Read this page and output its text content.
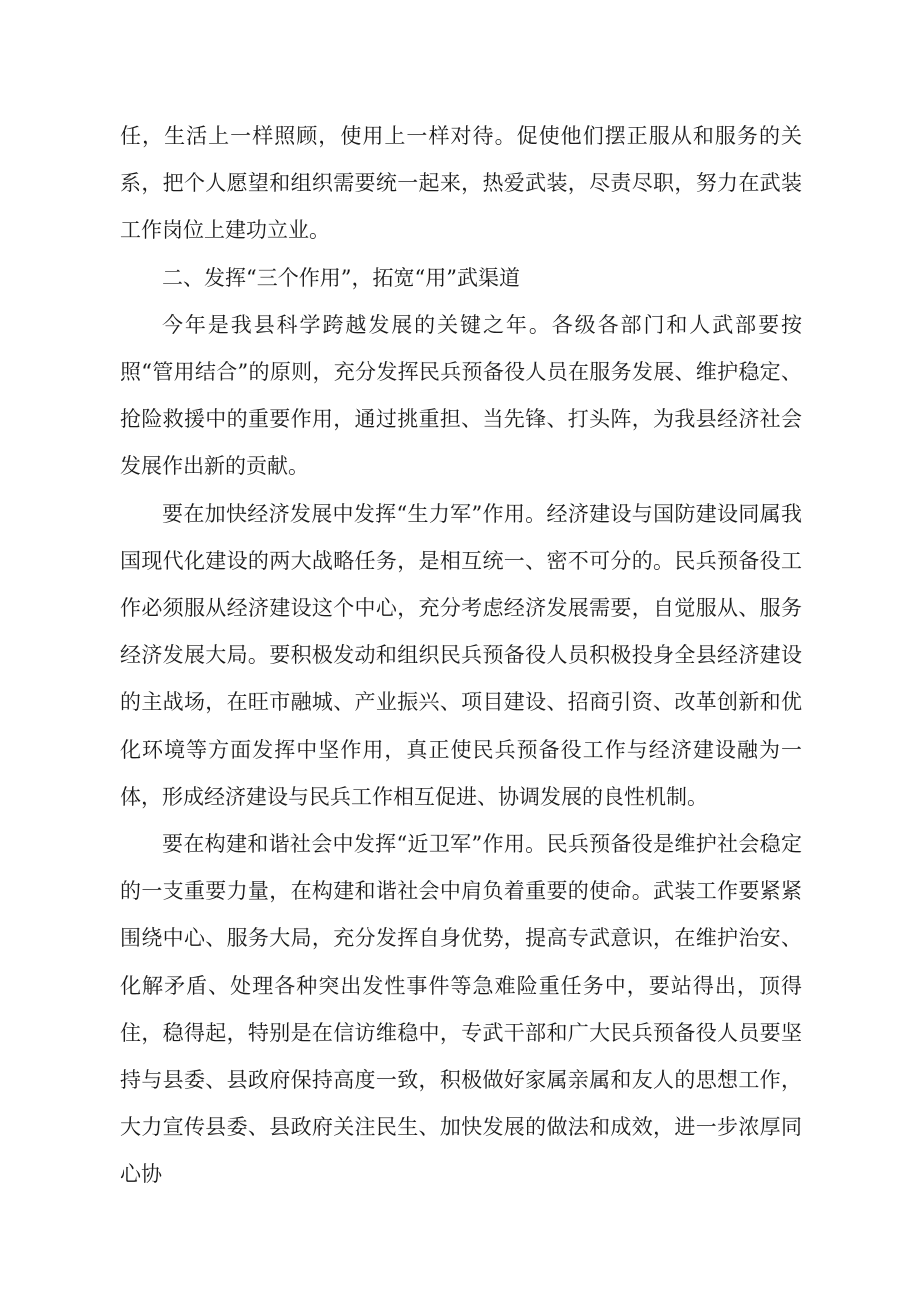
任，生活上一样照顾，使用上一样对待。促使他们摆正服从和服务的关系，把个人愿望和组织需要统一起来，热爱武装，尽责尽职，努力在武装工作岗位上建功立业。

二、发挥“三个作用”，拓宽“用”武渠道

今年是我县科学跨越发展的关键之年。各级各部门和人武部要按照“管用结合”的原则，充分发挥民兵预备役人员在服务发展、维护稳定、抢险救援中的重要作用，通过挑重担、当先锋、打头阵，为我县经济社会发展作出新的贡献。

要在加快经济发展中发挥“生力军”作用。经济建设与国防建设同属我国现代化建设的两大战略任务，是相互统一、密不可分的。民兵预备役工作必须服从经济建设这个中心，充分考虑经济发展需要，自觉服从、服务经济发展大局。要积极发动和组织民兵预备役人员积极投身全县经济建设的主战场，在旺市融城、产业振兴、项目建设、招商引资、改革创新和优化环境等方面发挥中坚作用，真正使民兵预备役工作与经济建设融为一体，形成经济建设与民兵工作相互促进、协调发展的良性机制。

要在构建和谐社会中发挥“近卫军”作用。民兵预备役是维护社会稳定的一支重要力量，在构建和谐社会中肩负着重要的使命。武装工作要紧紧围绕中心、服务大局，充分发挥自身优势，提高专武意识，在维护治安、化解矛盾、处理各种突出发性事件等急难险重任务中，要站得出，顶得住，稳得起，特别是在信访维稳中，专武干部和广大民兵预备役人员要坚持与县委、县政府保持高度一致，积极做好家属亲属和友人的思想工作，大力宣传县委、县政府关注民生、加快发展的做法和成效，进一步浓厚同心协
